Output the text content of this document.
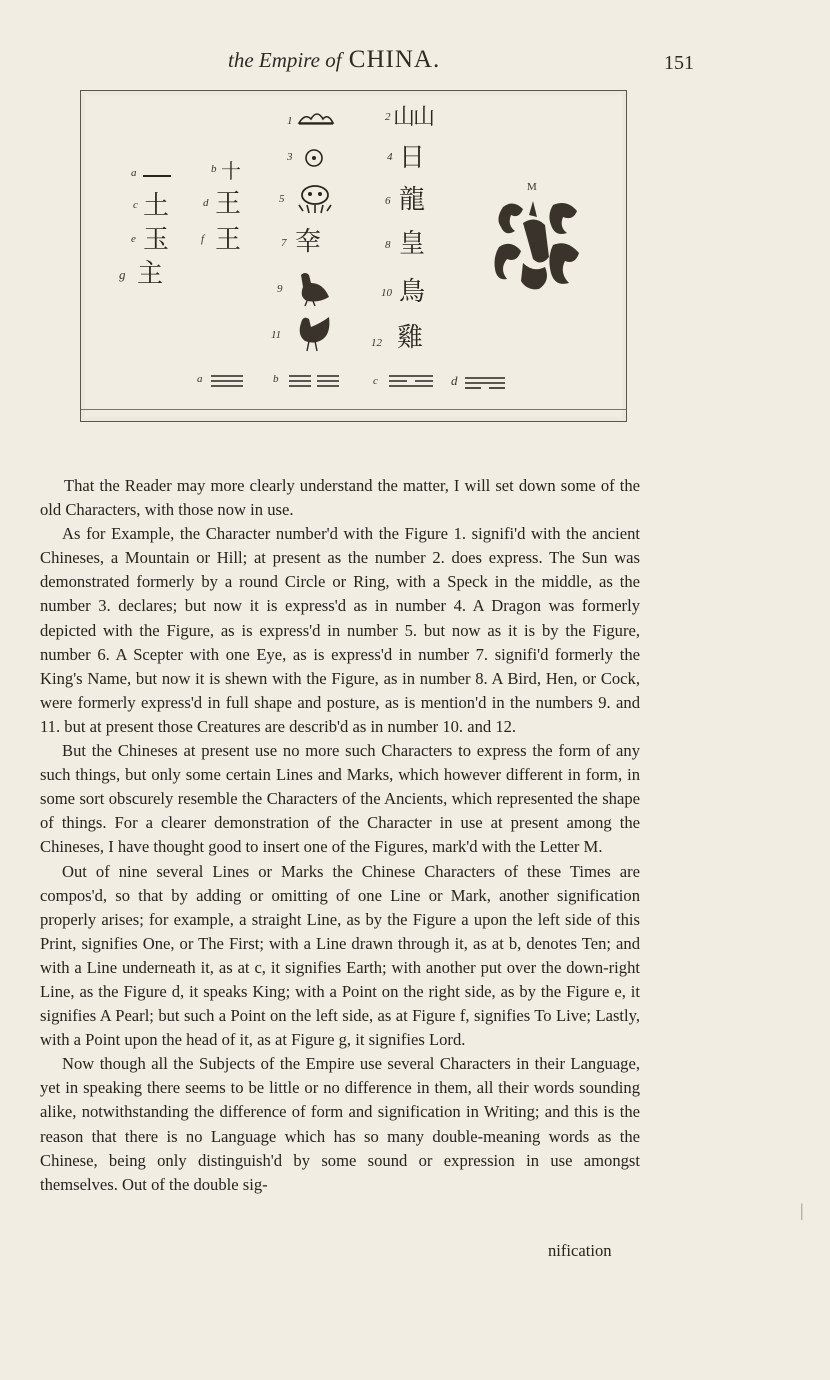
the Empire of CHINA.	151
a	b 十
c 土	d 王
e 玉	f 王
g 主
1
3
5
7 㚔
9
11
2 山山
4 日
6 龍
8 皇
10 鳥
12 雞
M
a	b	c	d

That the Reader may more clearly understand the matter, I will set down some of the old Characters, with those now in use.

As for Example, the Character number'd with the Figure 1. signifi'd with the ancient Chineses, a Mountain or Hill; at present as the number 2. does express. The Sun was demonstrated formerly by a round Circle or Ring, with a Speck in the middle, as the number 3. declares; but now it is express'd as in number 4. A Dragon was formerly depicted with the Figure, as is express'd in number 5. but now as it is by the Figure, number 6. A Scepter with one Eye, as is express'd in number 7. signifi'd formerly the King's Name, but now it is shewn with the Figure, as in number 8. A Bird, Hen, or Cock, were formerly express'd in full shape and posture, as is mention'd in the numbers 9. and 11. but at present those Creatures are describ'd as in number 10. and 12.

But the Chineses at present use no more such Characters to express the form of any such things, but only some certain Lines and Marks, which however different in form, in some sort obscurely resemble the Characters of the Ancients, which represented the shape of things. For a clearer demonstration of the Character in use at present among the Chineses, I have thought good to insert one of the Figures, mark'd with the Letter M.

Out of nine several Lines or Marks the Chinese Characters of these Times are compos'd, so that by adding or omitting of one Line or Mark, another signification properly arises; for example, a straight Line, as by the Figure a upon the left side of this Print, signifies One, or The First; with a Line drawn through it, as at b, denotes Ten; and with a Line underneath it, as at c, it signifies Earth; with another put over the down-right Line, as the Figure d, it speaks King; with a Point on the right side, as by the Figure e, it signifies A Pearl; but such a Point on the left side, as at Figure f, signifies To Live; Lastly, with a Point upon the head of it, as at Figure g, it signifies Lord.

Now though all the Subjects of the Empire use several Characters in their Language, yet in speaking there seems to be little or no difference in them, all their words sounding alike, notwithstanding the difference of form and signification in Writing; and this is the reason that there is no Language which has so many double-meaning words as the Chinese, being only distinguish'd by some sound or expression in use amongst themselves. Out of the double sig-

nification
|
